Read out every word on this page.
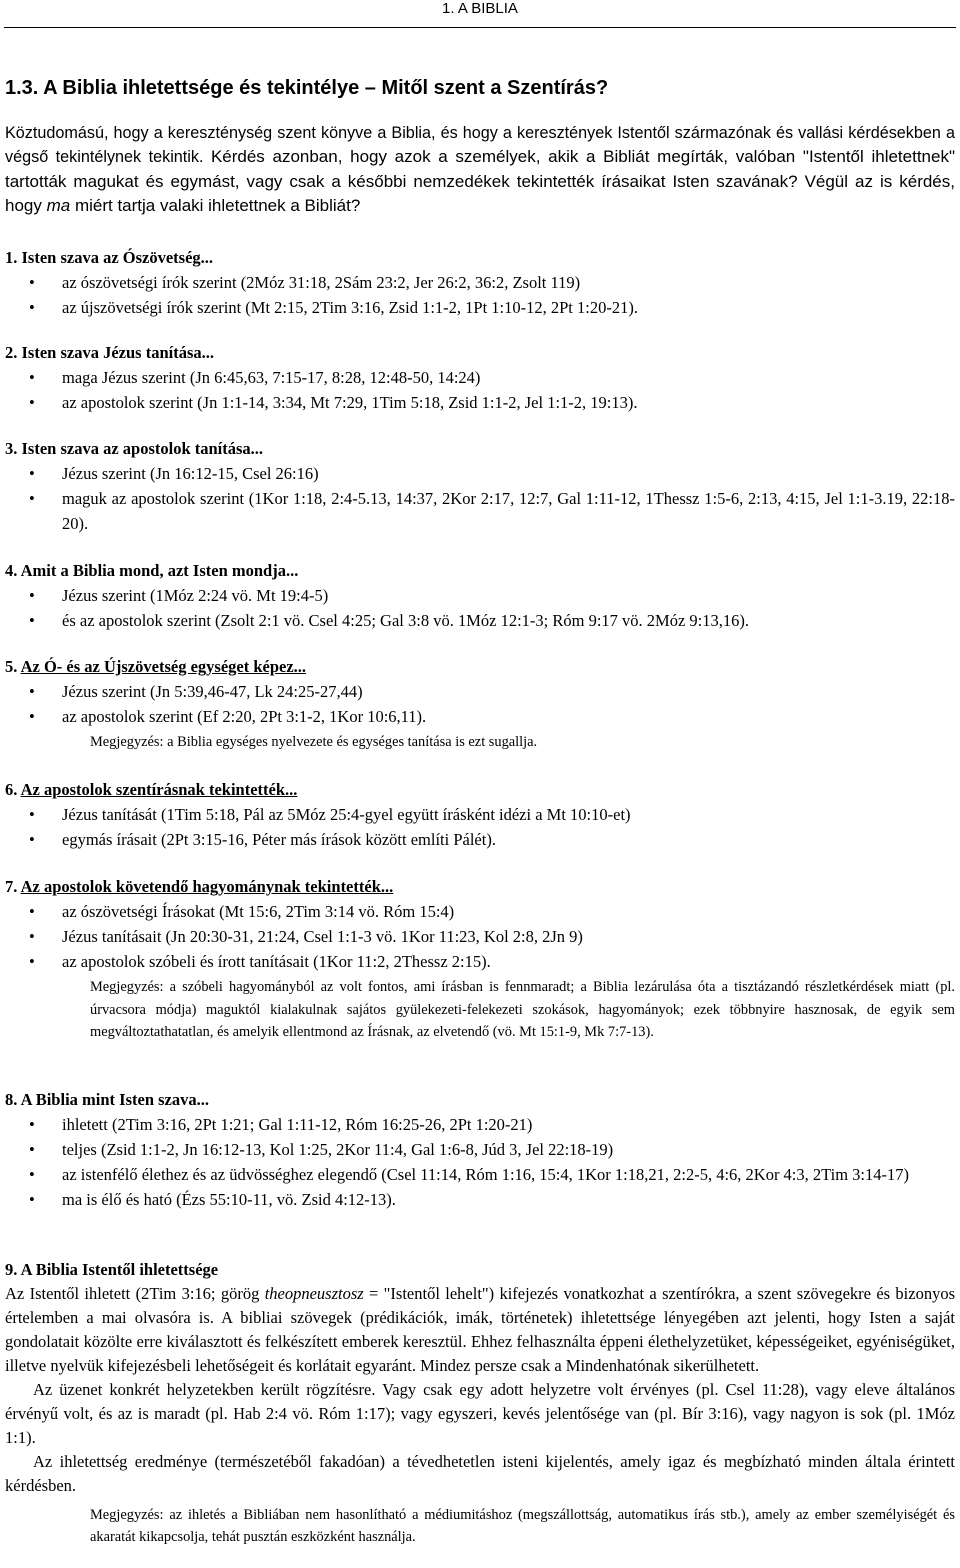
1. A BIBLIA
1.3. A Biblia ihletettsége és tekintélye – Mitől szent a Szentírás?

Köztudomású, hogy a kereszténység szent könyve a Biblia, és hogy a keresztények Istentől származónak és vallási kérdésekben a végső tekintélynek tekintik. Kérdés azonban, hogy azok a személyek, akik a Bibliát megírták, valóban "Istentől ihletettnek" tartották magukat és egymást, vagy csak a későbbi nemzedékek tekintették írásaikat Isten szavának? Végül az is kérdés, hogy ma miért tartja valaki ihletettnek a Bibliát?

1. Isten szava az Ószövetség...
• az ószövetségi írók szerint (2Móz 31:18, 2Sám 23:2, Jer 26:2, 36:2, Zsolt 119)
• az újszövetségi írók szerint (Mt 2:15, 2Tim 3:16, Zsid 1:1-2, 1Pt 1:10-12, 2Pt 1:20-21).
2. Isten szava Jézus tanítása...
• maga Jézus szerint (Jn 6:45,63, 7:15-17, 8:28, 12:48-50, 14:24)
• az apostolok szerint (Jn 1:1-14, 3:34, Mt 7:29, 1Tim 5:18, Zsid 1:1-2, Jel 1:1-2, 19:13).
3. Isten szava az apostolok tanítása...
• Jézus szerint (Jn 16:12-15, Csel 26:16)
• maguk az apostolok szerint (1Kor 1:18, 2:4-5.13, 14:37, 2Kor 2:17, 12:7, Gal 1:11-12, 1Thessz 1:5-6, 2:13, 4:15, Jel 1:1-3.19, 22:18-20).
4. Amit a Biblia mond, azt Isten mondja...
• Jézus szerint (1Móz 2:24 vö. Mt 19:4-5)
• és az apostolok szerint (Zsolt 2:1 vö. Csel 4:25; Gal 3:8 vö. 1Móz 12:1-3; Róm 9:17 vö. 2Móz 9:13,16).
5. Az Ó- és az Újszövetség egységet képez...
• Jézus szerint (Jn 5:39,46-47, Lk 24:25-27,44)
• az apostolok szerint (Ef 2:20, 2Pt 3:1-2, 1Kor 10:6,11).
Megjegyzés: a Biblia egységes nyelvezete és egységes tanítása is ezt sugallja.
6. Az apostolok szentírásnak tekintették...
• Jézus tanítását (1Tim 5:18, Pál az 5Móz 25:4-gyel együtt írásként idézi a Mt 10:10-et)
• egymás írásait (2Pt 3:15-16, Péter más írások között említi Pálét).
7. Az apostolok követendő hagyománynak tekintették...
• az ószövetségi Írásokat (Mt 15:6, 2Tim 3:14 vö. Róm 15:4)
• Jézus tanításait (Jn 20:30-31, 21:24, Csel 1:1-3 vö. 1Kor 11:23, Kol 2:8, 2Jn 9)
• az apostolok szóbeli és írott tanításait (1Kor 11:2, 2Thessz 2:15).
Megjegyzés: a szóbeli hagyományból az volt fontos, ami írásban is fennmaradt; a Biblia lezárulása óta a tisztázandó részletkérdések miatt (pl. úrvacsora módja) maguktól kialakulnak sajátos gyülekezeti-felekezeti szokások, hagyományok; ezek többnyire hasznosak, de egyik sem megváltoztathatatlan, és amelyik ellentmond az Írásnak, az elvetendő (vö. Mt 15:1-9, Mk 7:7-13).
8. A Biblia mint Isten szava...
• ihletett (2Tim 3:16, 2Pt 1:21; Gal 1:11-12, Róm 16:25-26, 2Pt 1:20-21)
• teljes (Zsid 1:1-2, Jn 16:12-13, Kol 1:25, 2Kor 11:4, Gal 1:6-8, Júd 3, Jel 22:18-19)
• az istenfélő élethez és az üdvösséghez elegendő (Csel 11:14, Róm 1:16, 15:4, 1Kor 1:18,21, 2:2-5, 4:6, 2Kor 4:3, 2Tim 3:14-17)
• ma is élő és ható (Ézs 55:10-11, vö. Zsid 4:12-13).
9. A Biblia Istentől ihletettsége

Az Istentől ihletett (2Tim 3:16; görög theopneusztosz = "Istentől lehelt") kifejezés vonatkozhat a szentírókra, a szent szövegekre és bizonyos értelemben a mai olvasóra is. A bibliai szövegek (prédikációk, imák, történetek) ihletettsége lényegében azt jelenti, hogy Isten a saját gondolatait közölte erre kiválasztott és felkészített emberek keresztül. Ehhez felhasználta éppeni élethelyzetüket, képességeiket, egyéniségüket, illetve nyelvük kifejezésbeli lehetőségeit és korlátait egyaránt. Mindez persze csak a Mindenhatónak sikerülhetett.

Az üzenet konkrét helyzetekben került rögzítésre. Vagy csak egy adott helyzetre volt érvényes (pl. Csel 11:28), vagy eleve általános érvényű volt, és az is maradt (pl. Hab 2:4 vö. Róm 1:17); vagy egyszeri, kevés jelentősége van (pl. Bír 3:16), vagy nagyon is sok (pl. 1Móz 1:1).

Az ihletettség eredménye (természetéből fakadóan) a tévedhetetlen isteni kijelentés, amely igaz és megbízható minden általa érintett kérdésben.

Megjegyzés: az ihletés a Bibliában nem hasonlítható a médiumitáshoz (megszállottság, automatikus írás stb.), amely az ember személyiségét és akaratát kikapcsolja, tehát pusztán eszközként használja.
